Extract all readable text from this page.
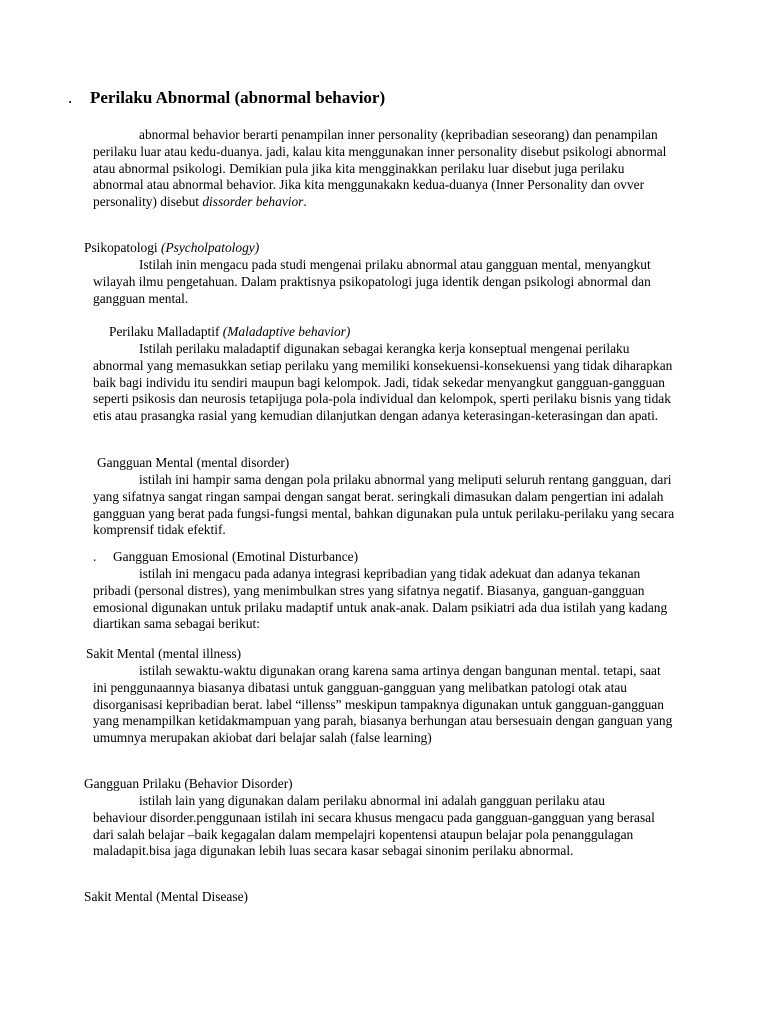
. Perilaku Abnormal (abnormal behavior)

abnormal behavior berarti penampilan inner personality (kepribadian seseorang) dan penampilan perilaku luar atau kedu-duanya. jadi, kalau kita menggunakan inner personality disebut psikologi abnormal atau abnormal psikologi. Demikian pula jika kita mengginakkan perilaku luar disebut juga perilaku abnormal atau abnormal behavior. Jika kita menggunakakn kedua-duanya (Inner Personality dan ovver personality) disebut dissorder behavior.

Psikopatologi (Psycholpatology)

Istilah inin mengacu pada studi mengenai prilaku abnormal atau gangguan mental, menyangkut wilayah ilmu pengetahuan. Dalam praktisnya psikopatologi juga identik dengan psikologi abnormal dan gangguan mental.

Perilaku Malladaptif (Maladaptive behavior)

Istilah perilaku maladaptif digunakan sebagai kerangka kerja konseptual mengenai perilaku abnormal yang memasukkan setiap perilaku yang memiliki konsekuensi-konsekuensi yang tidak diharapkan baik bagi individu itu sendiri maupun bagi kelompok. Jadi, tidak sekedar menyangkut gangguan-gangguan seperti psikosis dan neurosis tetapijuga pola-pola individual dan kelompok, sperti perilaku bisnis yang tidak etis atau prasangka rasial yang kemudian dilanjutkan dengan adanya keterasingan-keterasingan dan apati.

Gangguan Mental (mental disorder)

istilah ini hampir sama dengan pola prilaku abnormal yang meliputi seluruh rentang gangguan, dari yang sifatnya sangat ringan sampai dengan sangat berat. seringkali dimasukan dalam pengertian ini adalah gangguan yang berat pada fungsi-fungsi mental, bahkan digunakan pula untuk perilaku-perilaku yang secara komprensif tidak efektif.

. Gangguan Emosional (Emotinal Disturbance)

istilah ini mengacu pada adanya integrasi kepribadian yang tidak adekuat dan adanya tekanan pribadi (personal distres), yang menimbulkan stres yang sifatnya negatif. Biasanya, ganguan-gangguan emosional digunakan untuk prilaku madaptif untuk anak-anak. Dalam psikiatri ada dua istilah yang kadang diartikan sama sebagai berikut:

Sakit Mental (mental illness)

istilah sewaktu-waktu digunakan orang karena sama artinya dengan bangunan mental. tetapi, saat ini penggunaannya biasanya dibatasi untuk gangguan-gangguan yang melibatkan patologi otak atau disorganisasi kepribadian berat. label “illenss” meskipun tampaknya digunakan untuk gangguan-gangguan yang menampilkan ketidakmampuan yang parah, biasanya berhungan atau bersesuain dengan ganguan yang umumnya merupakan akiobat dari belajar salah (false learning)

Gangguan Prilaku (Behavior Disorder)

istilah lain yang digunakan dalam perilaku abnormal ini adalah gangguan perilaku atau behaviour disorder.penggunaan istilah ini secara khusus mengacu pada gangguan-gangguan yang berasal dari salah belajar –baik kegagalan dalam mempelajri kopentensi ataupun belajar pola penanggulagan maladapit.bisa jaga digunakan lebih luas secara kasar sebagai sinonim perilaku abnormal.

Sakit Mental (Mental Disease)
